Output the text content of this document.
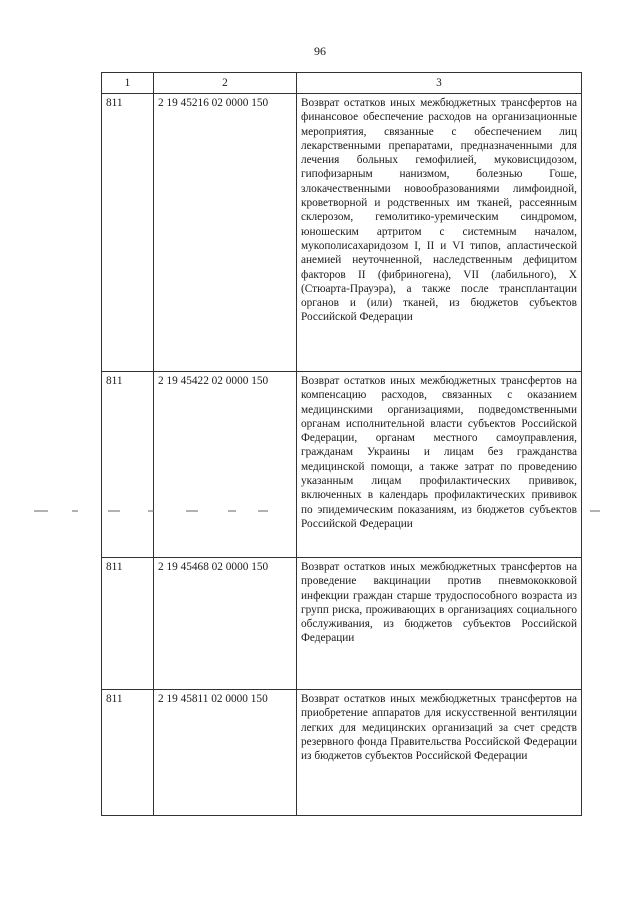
96
1	2	3
811	2 19 45216 02 0000 150	Возврат остатков иных межбюджетных трансфертов на финансовое обеспечение расходов на организационные мероприятия, связанные с обеспечением лиц лекарственными препаратами, предназначенными для лечения больных гемофилией, муковисцидозом, гипофизарным нанизмом, болезнью Гоше, злокачественными новообразованиями лимфоидной, кроветворной и родственных им тканей, рассеянным склерозом, гемолитико-уремическим синдромом, юношеским артритом с системным началом, мукополисахаридозом I, II и VI типов, апластической анемией неуточненной, наследственным дефицитом факторов II (фибриногена), VII (лабильного), X (Стюарта-Прауэра), а также после трансплантации органов и (или) тканей, из бюджетов субъектов Российской Федерации
811	2 19 45422 02 0000 150	Возврат остатков иных межбюджетных трансфертов на компенсацию расходов, связанных с оказанием медицинскими организациями, подведомственными органам исполнительной власти субъектов Российской Федерации, органам местного самоуправления, гражданам Украины и лицам без гражданства медицинской помощи, а также затрат по проведению указанным лицам профилактических прививок, включенных в календарь профилактических прививок по эпидемическим показаниям, из бюджетов субъектов Российской Федерации
811	2 19 45468 02 0000 150	Возврат остатков иных межбюджетных трансфертов на проведение вакцинации против пневмококковой инфекции граждан старше трудоспособного возраста из групп риска, проживающих в организациях социального обслуживания, из бюджетов субъектов Российской Федерации
811	2 19 45811 02 0000 150	Возврат остатков иных межбюджетных трансфертов на приобретение аппаратов для искусственной вентиляции легких для медицинских организаций за счет средств резервного фонда Правительства Российской Федерации из бюджетов субъектов Российской Федерации
